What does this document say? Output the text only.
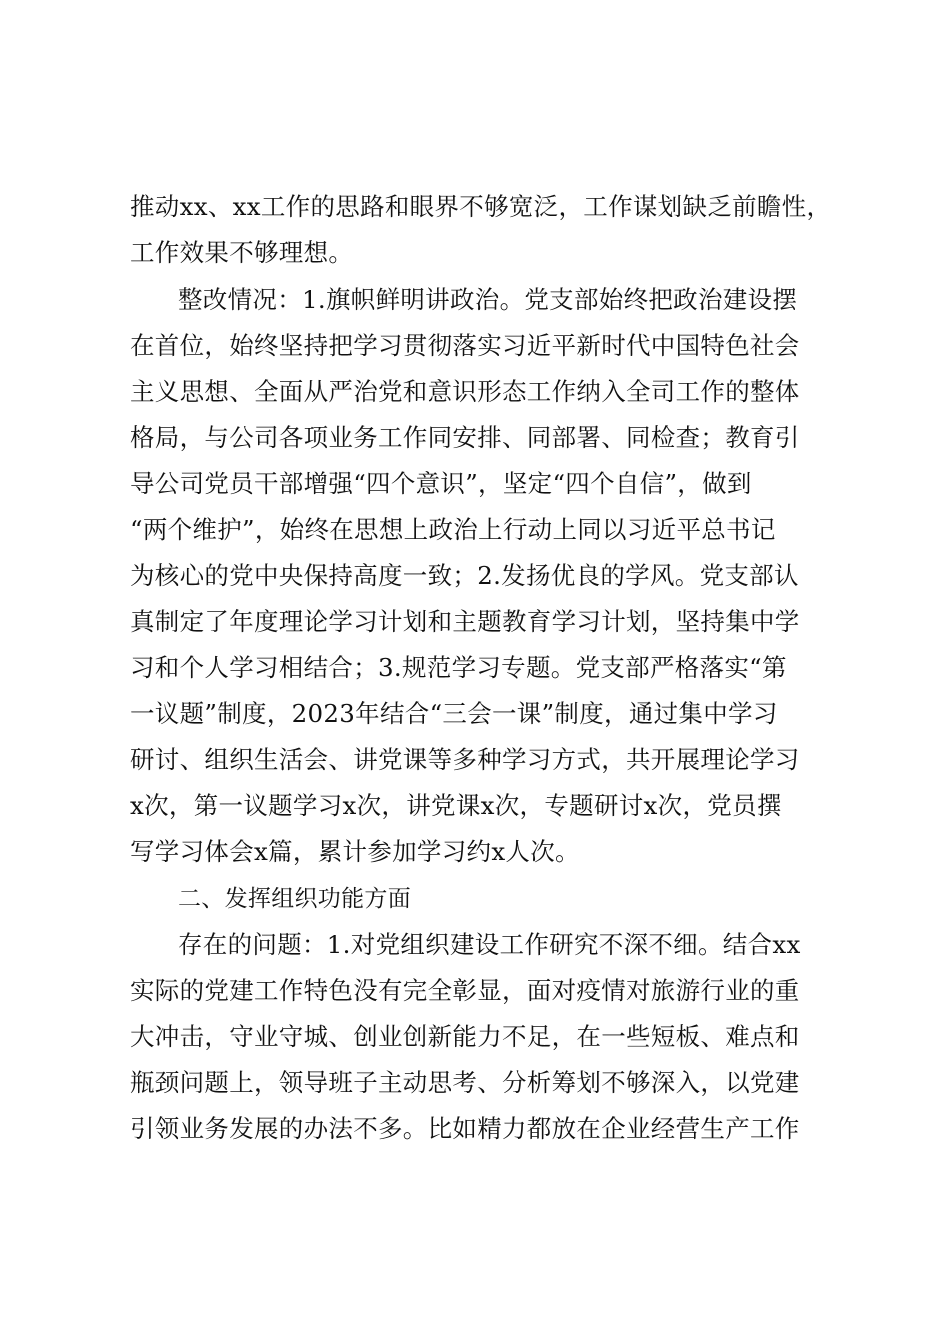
推动xx、xx工作的思路和眼界不够宽泛，工作谋划缺乏前瞻性，
工作效果不够理想。
整改情况：1.旗帜鲜明讲政治。党支部始终把政治建设摆
在首位，始终坚持把学习贯彻落实习近平新时代中国特色社会
主义思想、全面从严治党和意识形态工作纳入全司工作的整体
格局，与公司各项业务工作同安排、同部署、同检查；教育引
导公司党员干部增强“四个意识”，坚定“四个自信”，做到
“两个维护”，始终在思想上政治上行动上同以习近平总书记
为核心的党中央保持高度一致；2.发扬优良的学风。党支部认
真制定了年度理论学习计划和主题教育学习计划，坚持集中学
习和个人学习相结合；3.规范学习专题。党支部严格落实“第
一议题”制度，2023年结合“三会一课”制度，通过集中学习
研讨、组织生活会、讲党课等多种学习方式，共开展理论学习
x次，第一议题学习x次，讲党课x次，专题研讨x次，党员撰
写学习体会x篇，累计参加学习约x人次。
二、发挥组织功能方面
存在的问题：1.对党组织建设工作研究不深不细。结合xx
实际的党建工作特色没有完全彰显，面对疫情对旅游行业的重
大冲击，守业守城、创业创新能力不足，在一些短板、难点和
瓶颈问题上，领导班子主动思考、分析筹划不够深入，以党建
引领业务发展的办法不多。比如精力都放在企业经营生产工作
